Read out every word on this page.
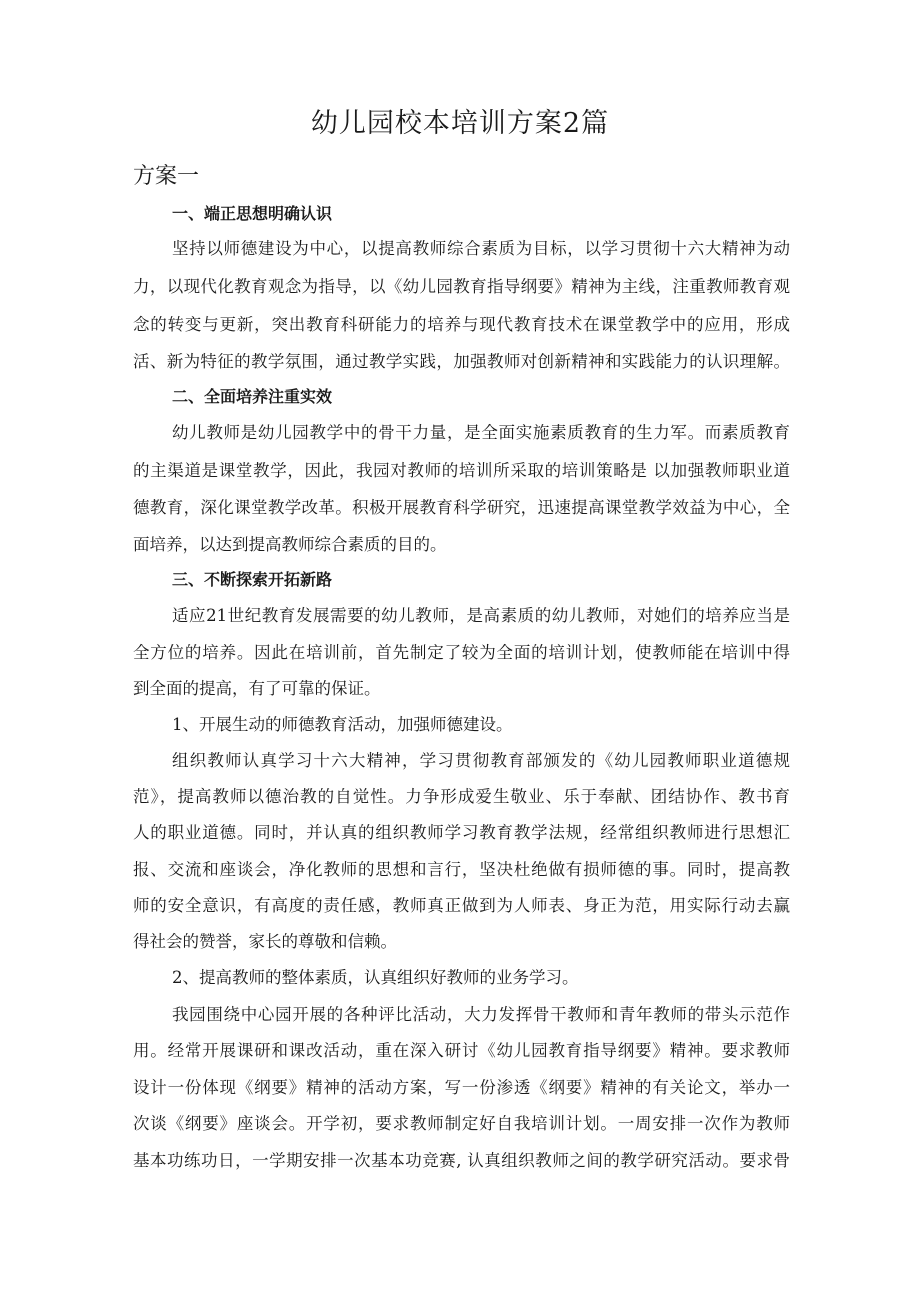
幼儿园校本培训方案2篇
方案一
一、端正思想明确认识
坚持以师德建设为中心，以提高教师综合素质为目标，以学习贯彻十六大精神为动
力，以现代化教育观念为指导，以《幼儿园教育指导纲要》精神为主线，注重教师教育观
念的转变与更新，突出教育科研能力的培养与现代教育技术在课堂教学中的应用，形成
活、新为特征的教学氛围，通过教学实践，加强教师对创新精神和实践能力的认识理解。
二、全面培养注重实效
幼儿教师是幼儿园教学中的骨干力量，是全面实施素质教育的生力军。而素质教育
的主渠道是课堂教学，因此，我园对教师的培训所采取的培训策略是 以加强教师职业道
德教育，深化课堂教学改革。积极开展教育科学研究，迅速提高课堂教学效益为中心，全
面培养，以达到提高教师综合素质的目的。
三、不断探索开拓新路
适应21世纪教育发展需要的幼儿教师，是高素质的幼儿教师，对她们的培养应当是
全方位的培养。因此在培训前，首先制定了较为全面的培训计划，使教师能在培训中得
到全面的提高，有了可靠的保证。
1、开展生动的师德教育活动，加强师德建设。
组织教师认真学习十六大精神，学习贯彻教育部颁发的《幼儿园教师职业道德规
范》，提高教师以德治教的自觉性。力争形成爱生敬业、乐于奉献、团结协作、教书育
人的职业道德。同时，并认真的组织教师学习教育教学法规，经常组织教师进行思想汇
报、交流和座谈会，净化教师的思想和言行，坚决杜绝做有损师德的事。同时，提高教
师的安全意识，有高度的责任感，教师真正做到为人师表、身正为范，用实际行动去赢
得社会的赞誉，家长的尊敬和信赖。
2、提高教师的整体素质，认真组织好教师的业务学习。
我园围绕中心园开展的各种评比活动，大力发挥骨干教师和青年教师的带头示范作
用。经常开展课研和课改活动，重在深入研讨《幼儿园教育指导纲要》精神。要求教师
设计一份体现《纲要》精神的活动方案，写一份渗透《纲要》精神的有关论文，举办一
次谈《纲要》座谈会。开学初，要求教师制定好自我培训计划。一周安排一次作为教师
基本功练功日，一学期安排一次基本功竞赛, 认真组织教师之间的教学研究活动。要求骨
